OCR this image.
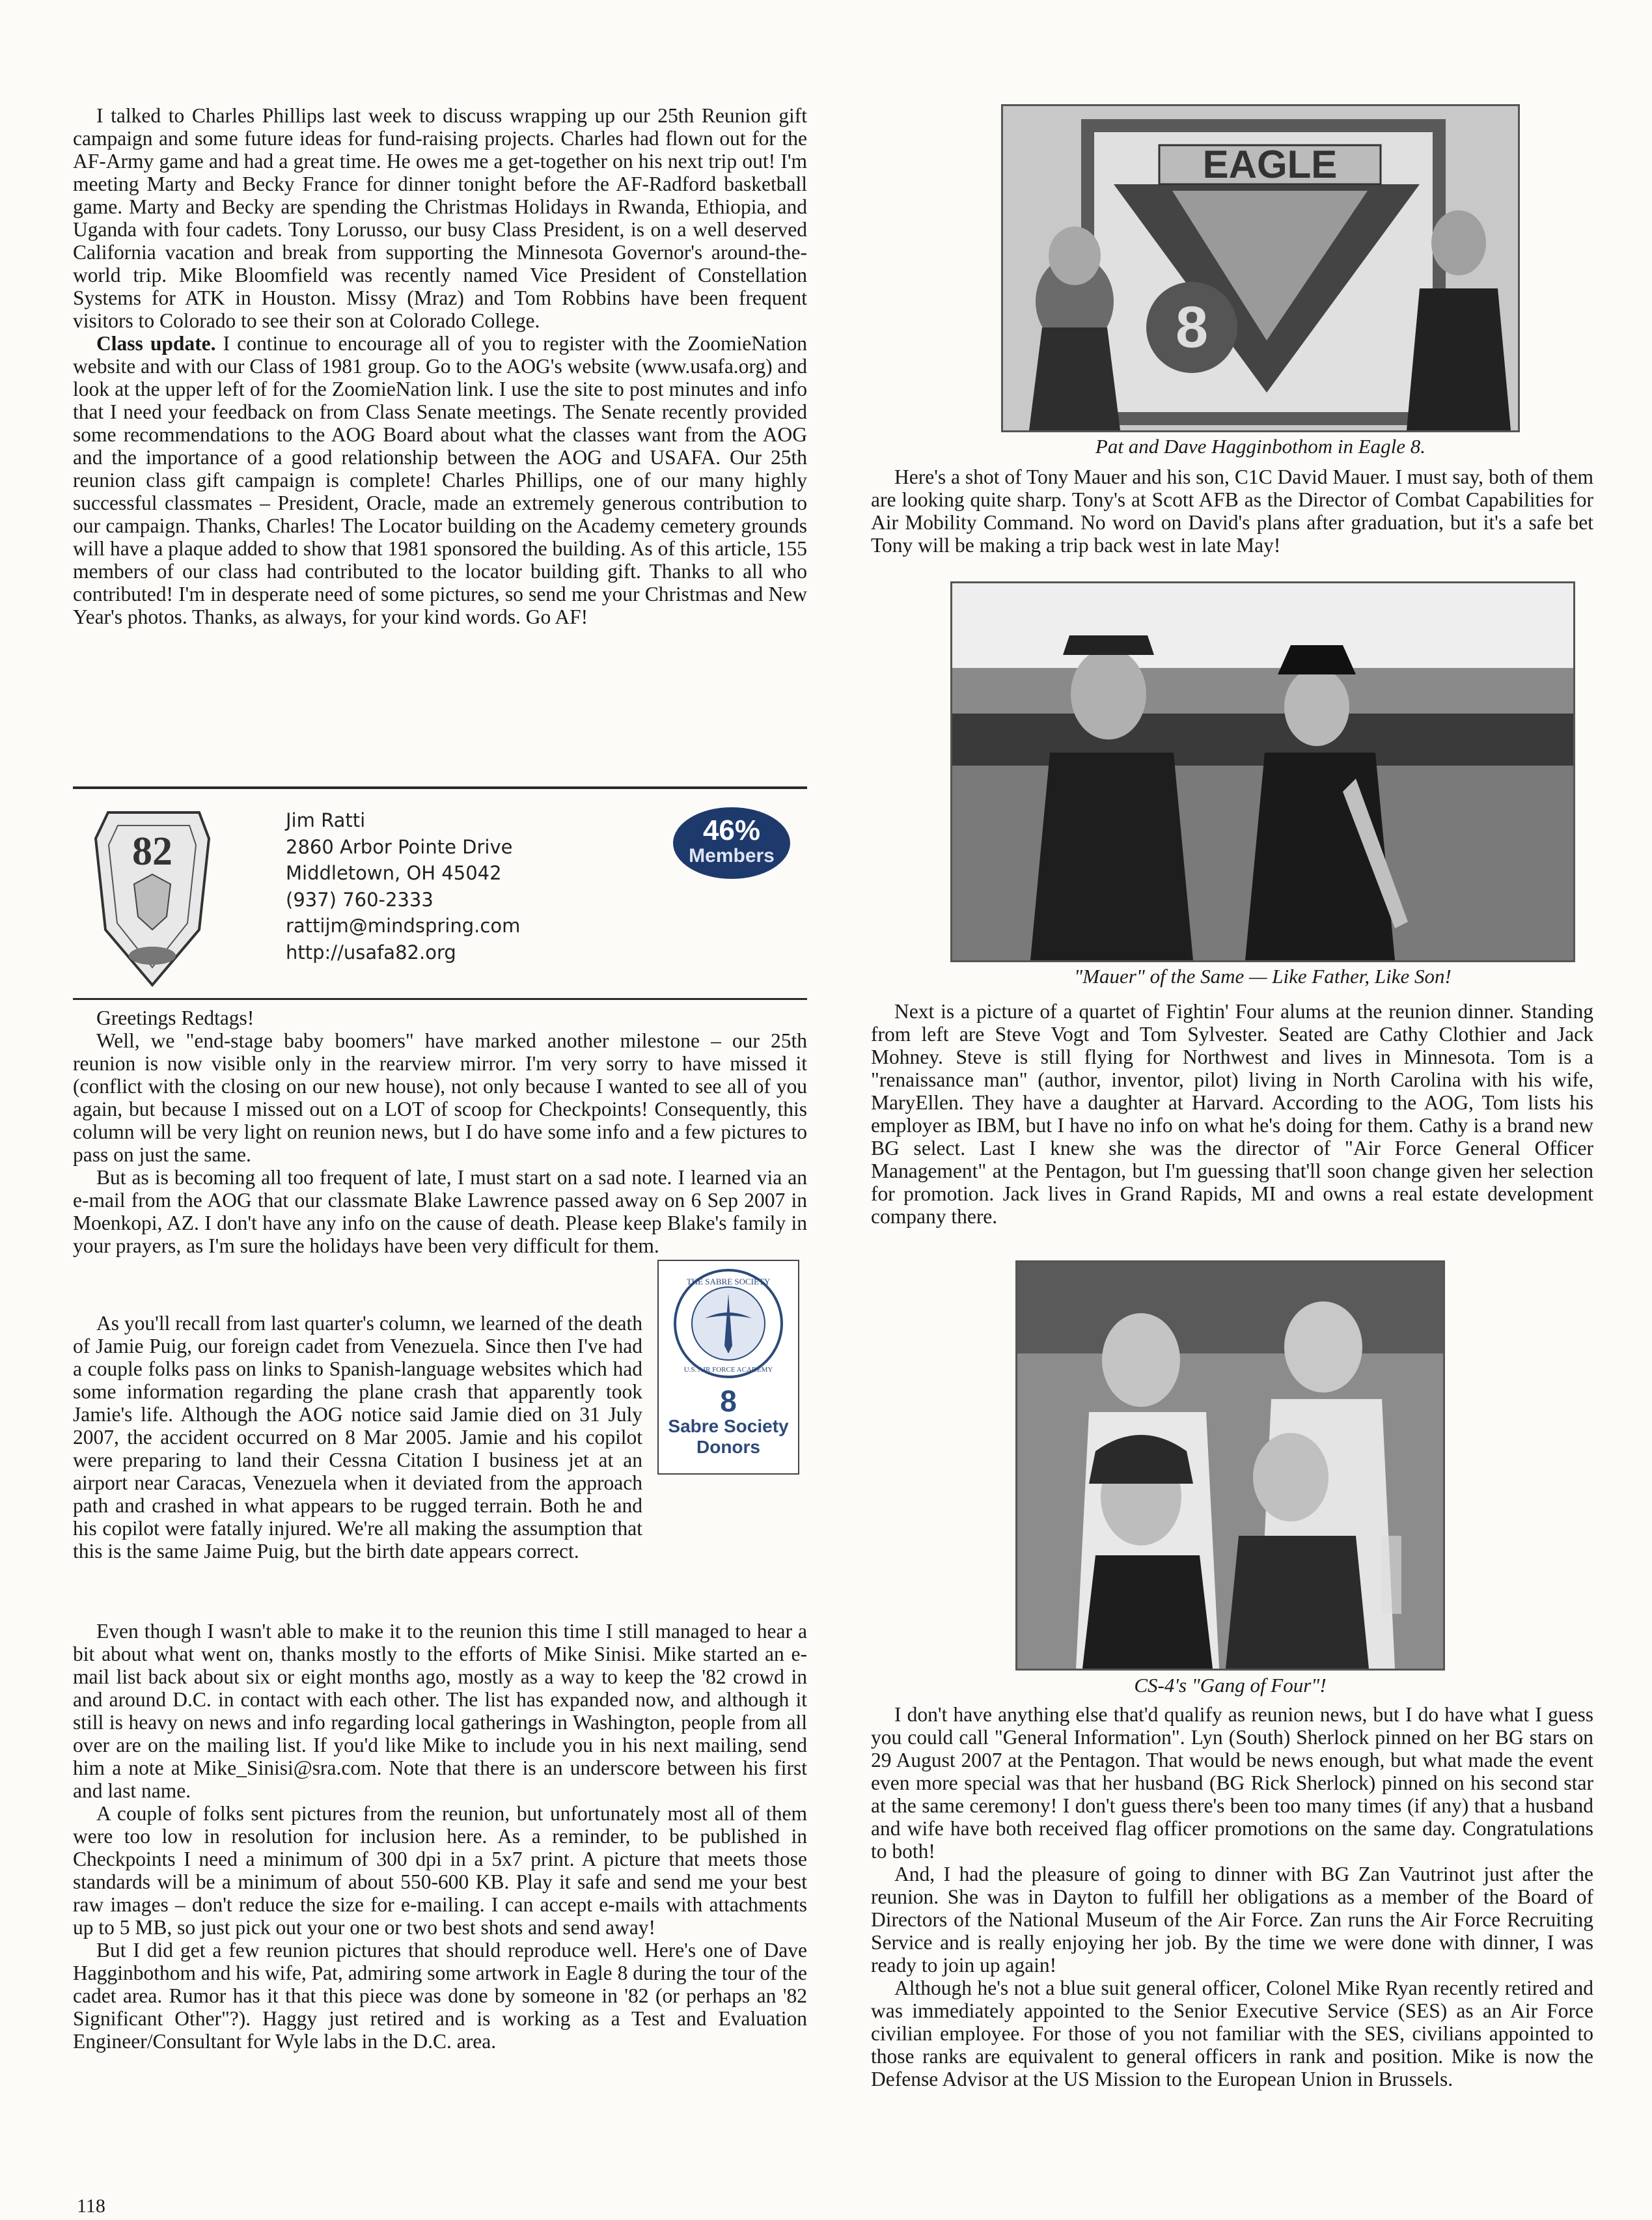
I talked to Charles Phillips last week to discuss wrapping up our 25th Reunion gift campaign and some future ideas for fund-raising projects. Charles had flown out for the AF-Army game and had a great time. He owes me a get-together on his next trip out! I'm meeting Marty and Becky France for dinner tonight before the AF-Radford basketball game. Marty and Becky are spending the Christmas Holidays in Rwanda, Ethiopia, and Uganda with four cadets. Tony Lorusso, our busy Class President, is on a well deserved California vacation and break from supporting the Minnesota Governor's around-the-world trip. Mike Bloomfield was recently named Vice President of Constellation Systems for ATK in Houston. Missy (Mraz) and Tom Robbins have been frequent visitors to Colorado to see their son at Colorado College.

Class update. I continue to encourage all of you to register with the ZoomieNation website and with our Class of 1981 group. Go to the AOG's website (www.usafa.org) and look at the upper left of for the ZoomieNation link. I use the site to post minutes and info that I need your feedback on from Class Senate meetings. The Senate recently provided some recommendations to the AOG Board about what the classes want from the AOG and the importance of a good relationship between the AOG and USAFA. Our 25th reunion class gift campaign is complete! Charles Phillips, one of our many highly successful classmates – President, Oracle, made an extremely generous contribution to our campaign. Thanks, Charles! The Locator building on the Academy cemetery grounds will have a plaque added to show that 1981 sponsored the building. As of this article, 155 members of our class had contributed to the locator building gift. Thanks to all who contributed! I'm in desperate need of some pictures, so send me your Christmas and New Year's photos. Thanks, as always, for your kind words. Go AF!

82
Jim Ratti
2860 Arbor Pointe Drive
Middletown, OH 45042
(937) 760-2333
rattijm@mindspring.com
http://usafa82.org
46%
Members

Greetings Redtags!

Well, we "end-stage baby boomers" have marked another milestone – our 25th reunion is now visible only in the rearview mirror. I'm very sorry to have missed it (conflict with the closing on our new house), not only because I wanted to see all of you again, but because I missed out on a LOT of scoop for Checkpoints! Consequently, this column will be very light on reunion news, but I do have some info and a few pictures to pass on just the same.

But as is becoming all too frequent of late, I must start on a sad note. I learned via an e-mail from the AOG that our classmate Blake Lawrence passed away on 6 Sep 2007 in Moenkopi, AZ. I don't have any info on the cause of death. Please keep Blake's family in your prayers, as I'm sure the holidays have been very difficult for them.

As you'll recall from last quarter's column, we learned of the death of Jamie Puig, our foreign cadet from Venezuela. Since then I've had a couple folks pass on links to Spanish-language websites which had some information regarding the plane crash that apparently took Jamie's life. Although the AOG notice said Jamie died on 31 July 2007, the accident occurred on 8 Mar 2005. Jamie and his copilot were preparing to land their Cessna Citation I business jet at an airport near Caracas, Venezuela when it deviated from the approach path and crashed in what appears to be rugged terrain. Both he and his copilot were fatally injured. We're all making the assumption that this is the same Jaime Puig, but the birth date appears correct.

Even though I wasn't able to make it to the reunion this time I still managed to hear a bit about what went on, thanks mostly to the efforts of Mike Sinisi. Mike started an e-mail list back about six or eight months ago, mostly as a way to keep the '82 crowd in and around D.C. in contact with each other. The list has expanded now, and although it still is heavy on news and info regarding local gatherings in Washington, people from all over are on the mailing list. If you'd like Mike to include you in his next mailing, send him a note at Mike_Sinisi@sra.com. Note that there is an underscore between his first and last name.

A couple of folks sent pictures from the reunion, but unfortunately most all of them were too low in resolution for inclusion here. As a reminder, to be published in Checkpoints I need a minimum of 300 dpi in a 5x7 print. A picture that meets those standards will be a minimum of about 550-600 KB. Play it safe and send me your best raw images – don't reduce the size for e-mailing. I can accept e-mails with attachments up to 5 MB, so just pick out your one or two best shots and send away!

But I did get a few reunion pictures that should reproduce well. Here's one of Dave Hagginbothom and his wife, Pat, admiring some artwork in Eagle 8 during the tour of the cadet area. Rumor has it that this piece was done by someone in '82 (or perhaps an '82 Significant Other"?). Haggy just retired and is working as a Test and Evaluation Engineer/Consultant for Wyle labs in the D.C. area.

THE SABRE SOCIETY
U.S. AIR FORCE ACADEMY
8
Sabre Society
Donors
EAGLE
8
Pat and Dave Hagginbothom in Eagle 8.

Here's a shot of Tony Mauer and his son, C1C David Mauer. I must say, both of them are looking quite sharp. Tony's at Scott AFB as the Director of Combat Capabilities for Air Mobility Command. No word on David's plans after graduation, but it's a safe bet Tony will be making a trip back west in late May!

"Mauer" of the Same — Like Father, Like Son!

Next is a picture of a quartet of Fightin' Four alums at the reunion dinner. Standing from left are Steve Vogt and Tom Sylvester. Seated are Cathy Clothier and Jack Mohney. Steve is still flying for Northwest and lives in Minnesota. Tom is a "renaissance man" (author, inventor, pilot) living in North Carolina with his wife, MaryEllen. They have a daughter at Harvard. According to the AOG, Tom lists his employer as IBM, but I have no info on what he's doing for them. Cathy is a brand new BG select. Last I knew she was the director of "Air Force General Officer Management" at the Pentagon, but I'm guessing that'll soon change given her selection for promotion. Jack lives in Grand Rapids, MI and owns a real estate development company there.

CS-4's "Gang of Four"!

I don't have anything else that'd qualify as reunion news, but I do have what I guess you could call "General Information". Lyn (South) Sherlock pinned on her BG stars on 29 August 2007 at the Pentagon. That would be news enough, but what made the event even more special was that her husband (BG Rick Sherlock) pinned on his second star at the same ceremony! I don't guess there's been too many times (if any) that a husband and wife have both received flag officer promotions on the same day. Congratulations to both!

And, I had the pleasure of going to dinner with BG Zan Vautrinot just after the reunion. She was in Dayton to fulfill her obligations as a member of the Board of Directors of the National Museum of the Air Force. Zan runs the Air Force Recruiting Service and is really enjoying her job. By the time we were done with dinner, I was ready to join up again!

Although he's not a blue suit general officer, Colonel Mike Ryan recently retired and was immediately appointed to the Senior Executive Service (SES) as an Air Force civilian employee. For those of you not familiar with the SES, civilians appointed to those ranks are equivalent to general officers in rank and position. Mike is now the Defense Advisor at the US Mission to the European Union in Brussels.

118
